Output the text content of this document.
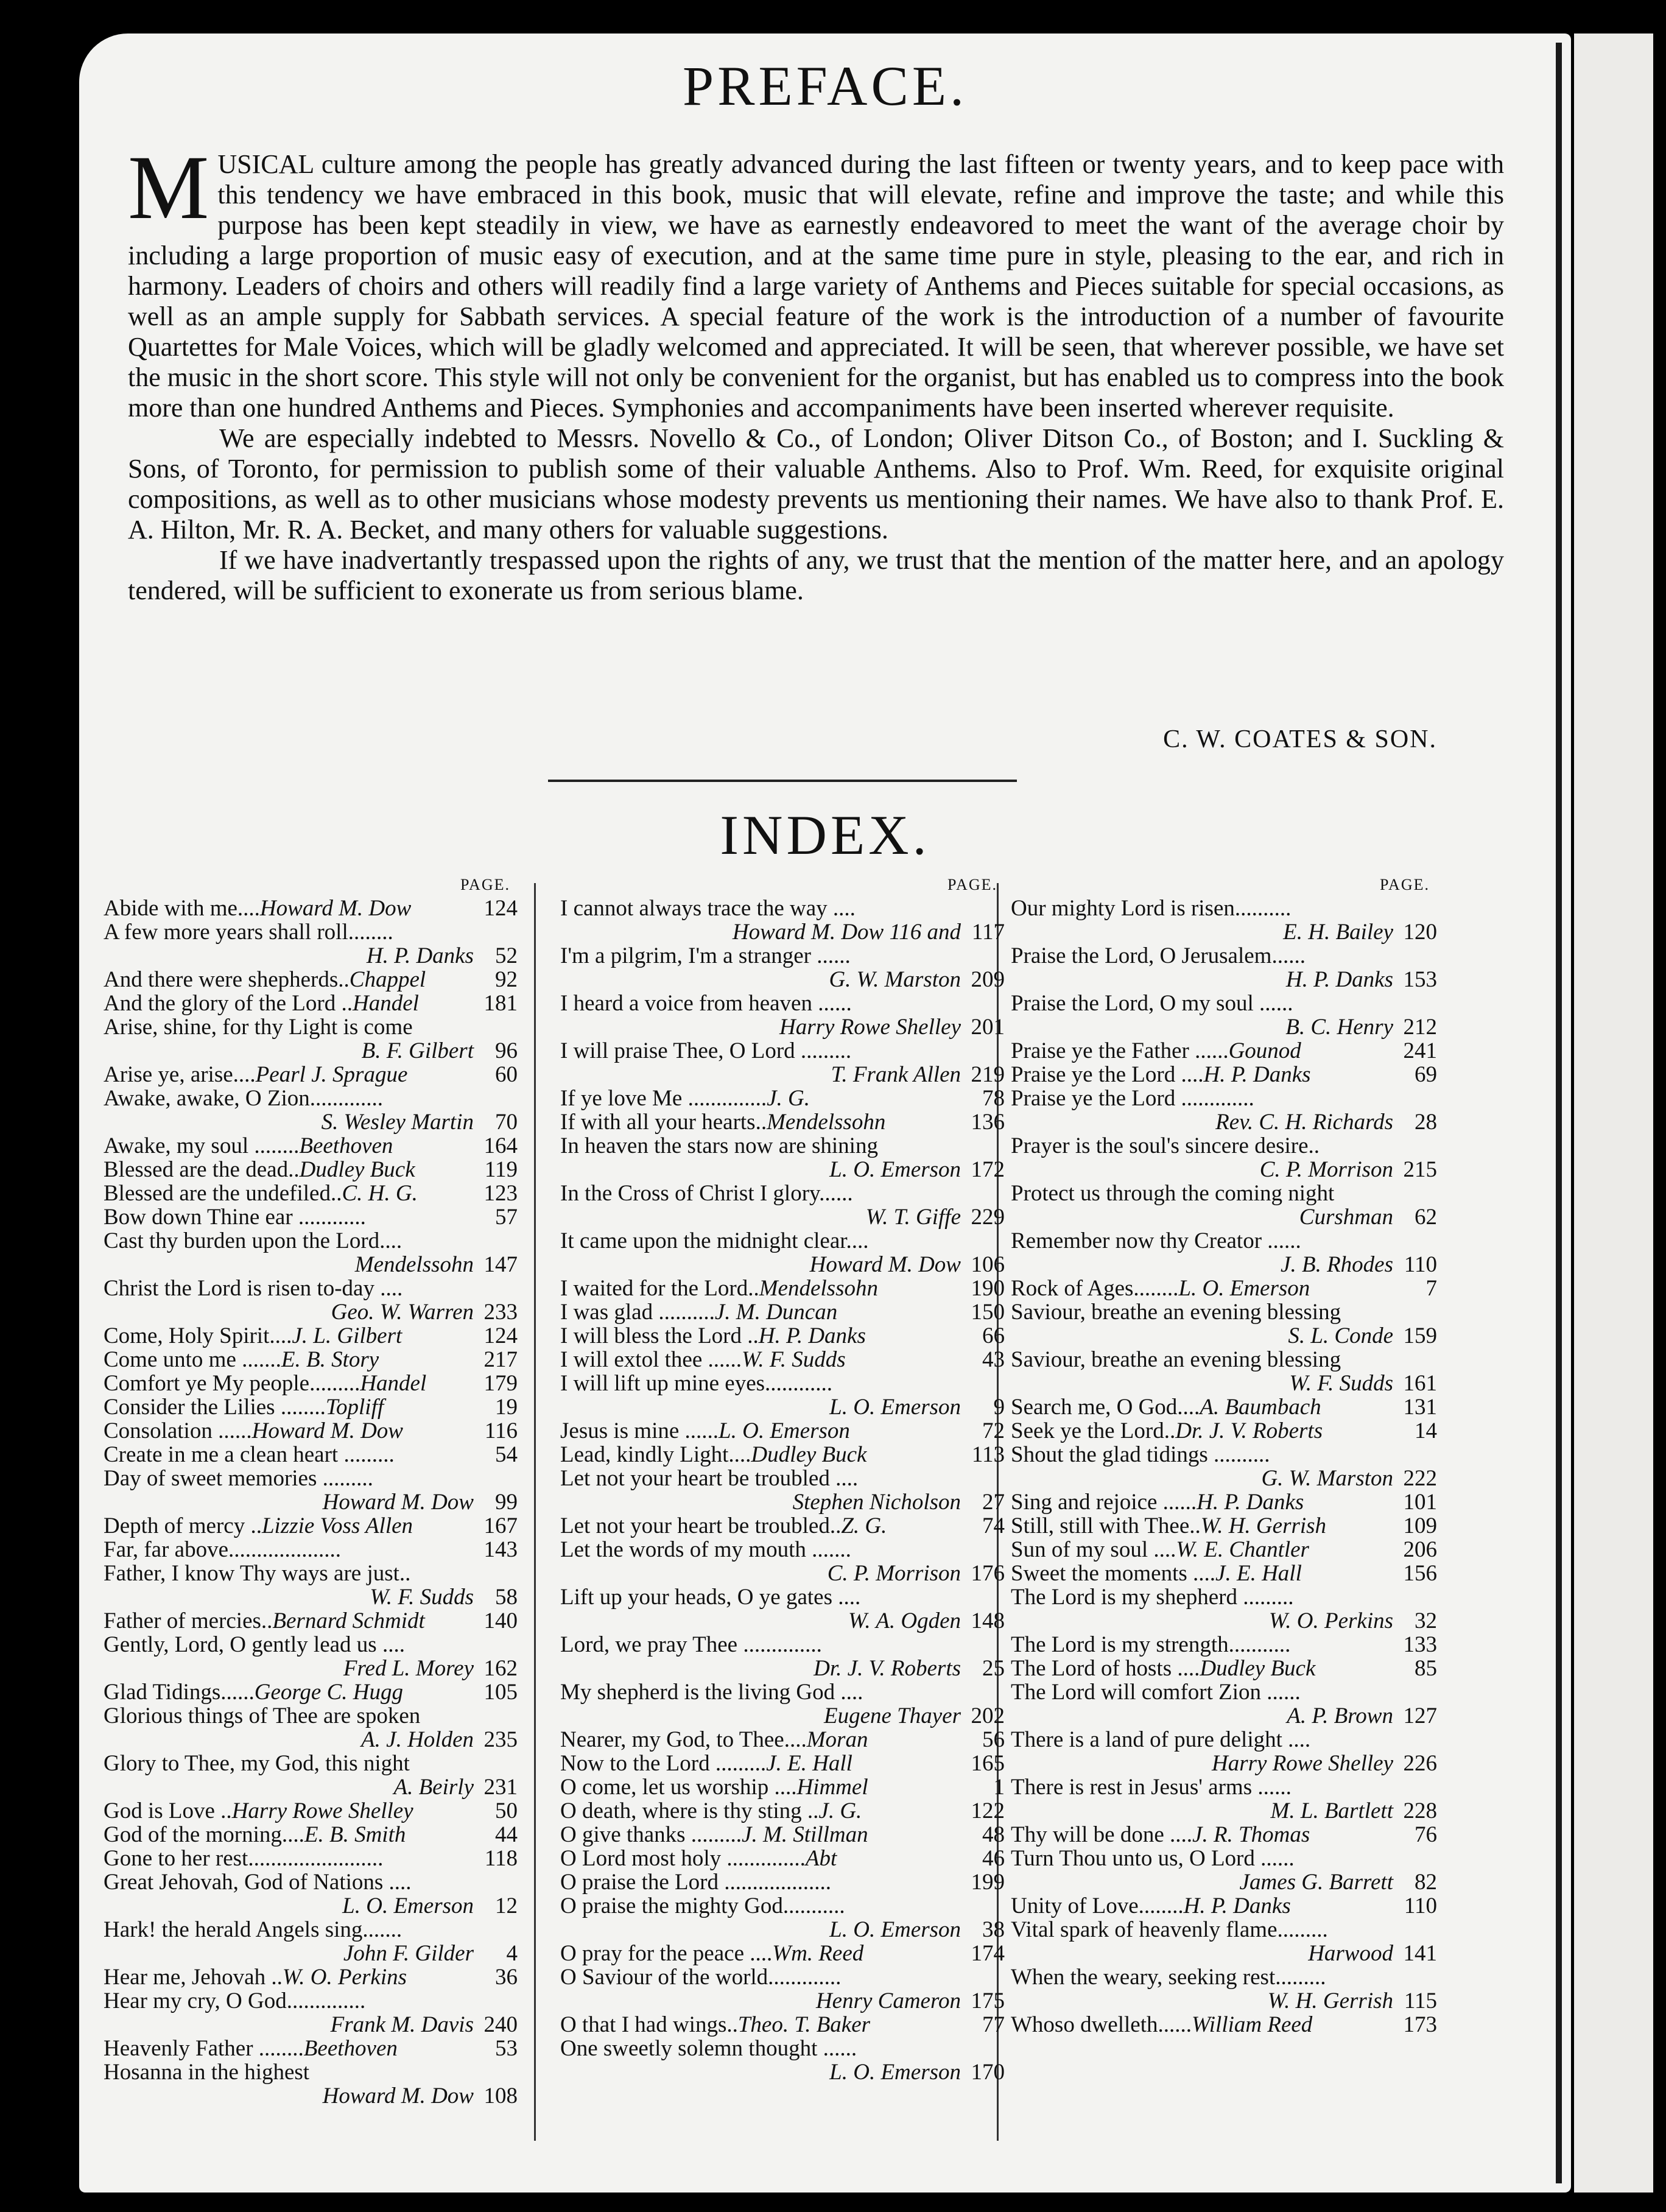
PREFACE.

M USICAL culture among the people has greatly advanced during the last fifteen or twenty years, and to keep pace with this tendency we have embraced in this book, music that will elevate, refine and improve the taste; and while this purpose has been kept steadily in view, we have as earnestly endeavored to meet the want of the average choir by including a large proportion of music easy of execution, and at the same time pure in style, pleasing to the ear, and rich in harmony. Leaders of choirs and others will readily find a large variety of Anthems and Pieces suitable for special occasions, as well as an ample supply for Sabbath services. A special feature of the work is the introduction of a number of favourite Quartettes for Male Voices, which will be gladly welcomed and appreciated. It will be seen, that wherever possible, we have set the music in the short score. This style will not only be convenient for the organist, but has enabled us to compress into the book more than one hundred Anthems and Pieces. Symphonies and accompaniments have been inserted wherever requisite.

We are especially indebted to Messrs. Novello & Co., of London; Oliver Ditson Co., of Boston; and I. Suckling & Sons, of Toronto, for permission to publish some of their valuable Anthems. Also to Prof. Wm. Reed, for exquisite original compositions, as well as to other musicians whose modesty prevents us mentioning their names. We have also to thank Prof. E. A. Hilton, Mr. R. A. Becket, and many others for valuable suggestions.

If we have inadvertantly trespassed upon the rights of any, we trust that the mention of the matter here, and an apology tendered, will be sufficient to exonerate us from serious blame.

C. W. COATES & SON.
INDEX.
PAGE.
Abide with me....Howard M. Dow	124
A few more years shall roll........
H. P. Danks 52
And there were shepherds..Chappel	92
And the glory of the Lord ..Handel	181
Arise, shine, for thy Light is come
B. F. Gilbert 96
Arise ye, arise....Pearl J. Sprague	60
Awake, awake, O Zion.............
S. Wesley Martin 70
Awake, my soul ........Beethoven	164
Blessed are the dead..Dudley Buck	119
Blessed are the undefiled..C. H. G.	123
Bow down Thine ear ............	57
Cast thy burden upon the Lord....
Mendelssohn 147
Christ the Lord is risen to-day ....
Geo. W. Warren 233
Come, Holy Spirit....J. L. Gilbert	124
Come unto me .......E. B. Story	217
Comfort ye My people.........Handel	179
Consider the Lilies ........Topliff	19
Consolation ......Howard M. Dow	116
Create in me a clean heart .........	54
Day of sweet memories .........
Howard M. Dow 99
Depth of mercy ..Lizzie Voss Allen	167
Far, far above....................	143
Father, I know Thy ways are just..
W. F. Sudds 58
Father of mercies..Bernard Schmidt	140
Gently, Lord, O gently lead us ....
Fred L. Morey 162
Glad Tidings......George C. Hugg	105
Glorious things of Thee are spoken
A. J. Holden 235
Glory to Thee, my God, this night
A. Beirly 231
God is Love ..Harry Rowe Shelley	50
God of the morning....E. B. Smith	44
Gone to her rest........................	118
Great Jehovah, God of Nations ....
L. O. Emerson 12
Hark! the herald Angels sing.......
John F. Gilder	4
Hear me, Jehovah ..W. O. Perkins	36
Hear my cry, O God..............
Frank M. Davis 240
Heavenly Father ........Beethoven	53
Hosanna in the highest
Howard M. Dow 108
PAGE.
I cannot always trace the way ....
Howard M. Dow 116 and 117
I'm a pilgrim, I'm a stranger ......
G. W. Marston 209
I heard a voice from heaven ......
Harry Rowe Shelley 201
I will praise Thee, O Lord .........
T. Frank Allen 219
If ye love Me ..............J. G.	78
If with all your hearts..Mendelssohn	136
In heaven the stars now are shining
L. O. Emerson 172
In the Cross of Christ I glory......
W. T. Giffe 229
It came upon the midnight clear....
Howard M. Dow 106
I waited for the Lord..Mendelssohn	190
I was glad ..........J. M. Duncan	150
I will bless the Lord ..H. P. Danks	66
I will extol thee ......W. F. Sudds	43
I will lift up mine eyes............
L. O. Emerson	9
Jesus is mine ......L. O. Emerson	72
Lead, kindly Light....Dudley Buck	113
Let not your heart be troubled ....
Stephen Nicholson 27
Let not your heart be troubled..Z. G.	74
Let the words of my mouth .......
C. P. Morrison 176
Lift up your heads, O ye gates ....
W. A. Ogden 148
Lord, we pray Thee ..............
Dr. J. V. Roberts 25
My shepherd is the living God ....
Eugene Thayer 202
Nearer, my God, to Thee....Moran	56
Now to the Lord .........J. E. Hall	165
O come, let us worship ....Himmel	1
O death, where is thy sting ..J. G.	122
O give thanks .........J. M. Stillman	48
O Lord most holy ..............Abt	46
O praise the Lord ...................	199
O praise the mighty God...........
L. O. Emerson 38
O pray for the peace ....Wm. Reed	174
O Saviour of the world.............
Henry Cameron 175
O that I had wings..Theo. T. Baker	77
One sweetly solemn thought ......
L. O. Emerson 170
PAGE.
Our mighty Lord is risen..........
E. H. Bailey 120
Praise the Lord, O Jerusalem......
H. P. Danks 153
Praise the Lord, O my soul ......
B. C. Henry 212
Praise ye the Father ......Gounod	241
Praise ye the Lord ....H. P. Danks	69
Praise ye the Lord .............
Rev. C. H. Richards 28
Prayer is the soul's sincere desire..
C. P. Morrison 215
Protect us through the coming night
Curshman 62
Remember now thy Creator ......
J. B. Rhodes 110
Rock of Ages........L. O. Emerson	7
Saviour, breathe an evening blessing
S. L. Conde 159
Saviour, breathe an evening blessing
W. F. Sudds 161
Search me, O God....A. Baumbach	131
Seek ye the Lord..Dr. J. V. Roberts	14
Shout the glad tidings ..........
G. W. Marston 222
Sing and rejoice ......H. P. Danks	101
Still, still with Thee..W. H. Gerrish	109
Sun of my soul ....W. E. Chantler	206
Sweet the moments ....J. E. Hall	156
The Lord is my shepherd .........
W. O. Perkins 32
The Lord is my strength...........	133
The Lord of hosts ....Dudley Buck	85
The Lord will comfort Zion ......
A. P. Brown 127
There is a land of pure delight ....
Harry Rowe Shelley 226
There is rest in Jesus' arms ......
M. L. Bartlett 228
Thy will be done ....J. R. Thomas	76
Turn Thou unto us, O Lord ......
James G. Barrett 82
Unity of Love........H. P. Danks	110
Vital spark of heavenly flame.........
Harwood 141
When the weary, seeking rest.........
W. H. Gerrish 115
Whoso dwelleth......William Reed	173
